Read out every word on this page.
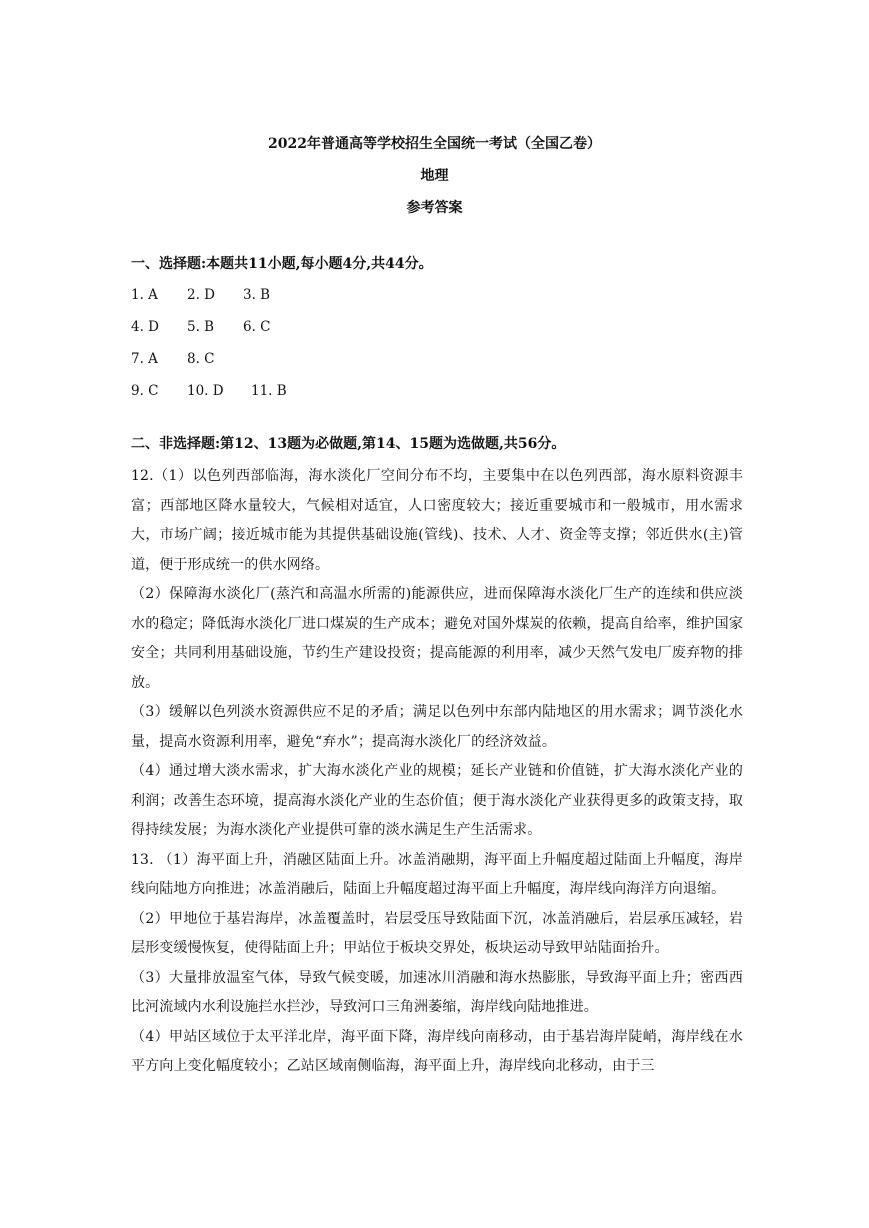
2022年普通高等学校招生全国统一考试（全国乙卷）
地理
参考答案
一、选择题:本题共11小题,每小题4分,共44分。
1. A 2. D 3. B
4. D 5. B 6. C
7. A 8. C
9. C 10. D 11. B
二、非选择题:第12、13题为必做题,第14、15题为选做题,共56分。

12.（1）以色列西部临海，海水淡化厂空间分布不均，主要集中在以色列西部，海水原料资源丰富；西部地区降水量较大，气候相对适宜，人口密度较大；接近重要城市和一般城市，用水需求大，市场广阔；接近城市能为其提供基础设施(管线)、技术、人才、资金等支撑；邻近供水(主)管道，便于形成统一的供水网络。

（2）保障海水淡化厂(蒸汽和高温水所需的)能源供应，进而保障海水淡化厂生产的连续和供应淡水的稳定；降低海水淡化厂进口煤炭的生产成本；避免对国外煤炭的依赖，提高自给率，维护国家安全；共同利用基础设施，节约生产建设投资；提高能源的利用率，减少天然气发电厂废弃物的排放。

（3）缓解以色列淡水资源供应不足的矛盾；满足以色列中东部内陆地区的用水需求；调节淡化水量，提高水资源利用率，避免“弃水”；提高海水淡化厂的经济效益。

（4）通过增大淡水需求，扩大海水淡化产业的规模；延长产业链和价值链，扩大海水淡化产业的利润；改善生态环境，提高海水淡化产业的生态价值；便于海水淡化产业获得更多的政策支持，取得持续发展；为海水淡化产业提供可靠的淡水满足生产生活需求。

13. （1）海平面上升，消融区陆面上升。冰盖消融期，海平面上升幅度超过陆面上升幅度，海岸线向陆地方向推进；冰盖消融后，陆面上升幅度超过海平面上升幅度，海岸线向海洋方向退缩。

（2）甲地位于基岩海岸，冰盖覆盖时，岩层受压导致陆面下沉，冰盖消融后，岩层承压减轻，岩层形变缓慢恢复，使得陆面上升；甲站位于板块交界处，板块运动导致甲站陆面抬升。

（3）大量排放温室气体，导致气候变暖，加速冰川消融和海水热膨胀，导致海平面上升；密西西比河流域内水利设施拦水拦沙，导致河口三角洲萎缩，海岸线向陆地推进。

（4）甲站区域位于太平洋北岸，海平面下降，海岸线向南移动，由于基岩海岸陡峭，海岸线在水平方向上变化幅度较小；乙站区域南侧临海，海平面上升，海岸线向北移动，由于三
